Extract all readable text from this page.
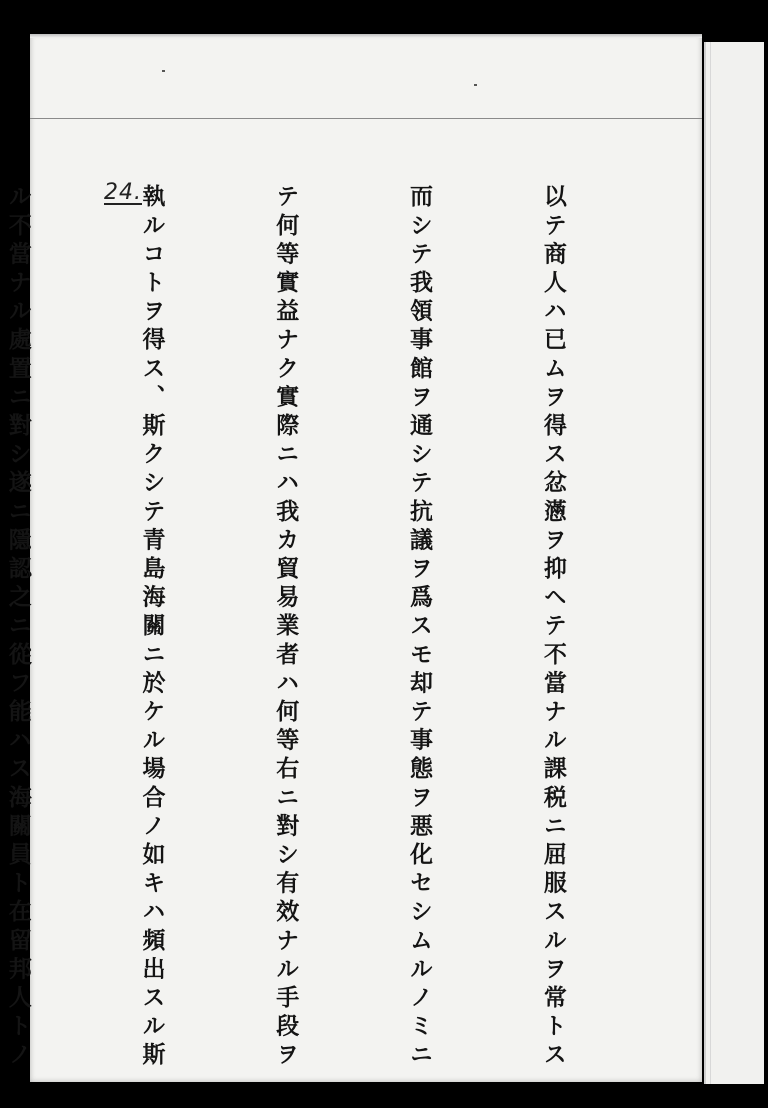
24.

	以テ商人ハ已ムヲ得ス忿懣ヲ抑ヘテ不當ナル課税ニ屈服スルヲ常トス

而シテ我領事館ヲ通シテ抗議ヲ爲スモ却テ事態ヲ悪化セシムルノミニ

テ何等實益ナク實際ニハ我カ貿易業者ハ何等右ニ對シ有效ナル手段ヲ

執ルコトヲ得ス、斯クシテ青島海關ニ於ケル場合ノ如キハ頻出スル斯

ル不當ナル處置ニ對シ遂ニ隱認之ニ從フ能ハス海關員ト在留邦人トノ
